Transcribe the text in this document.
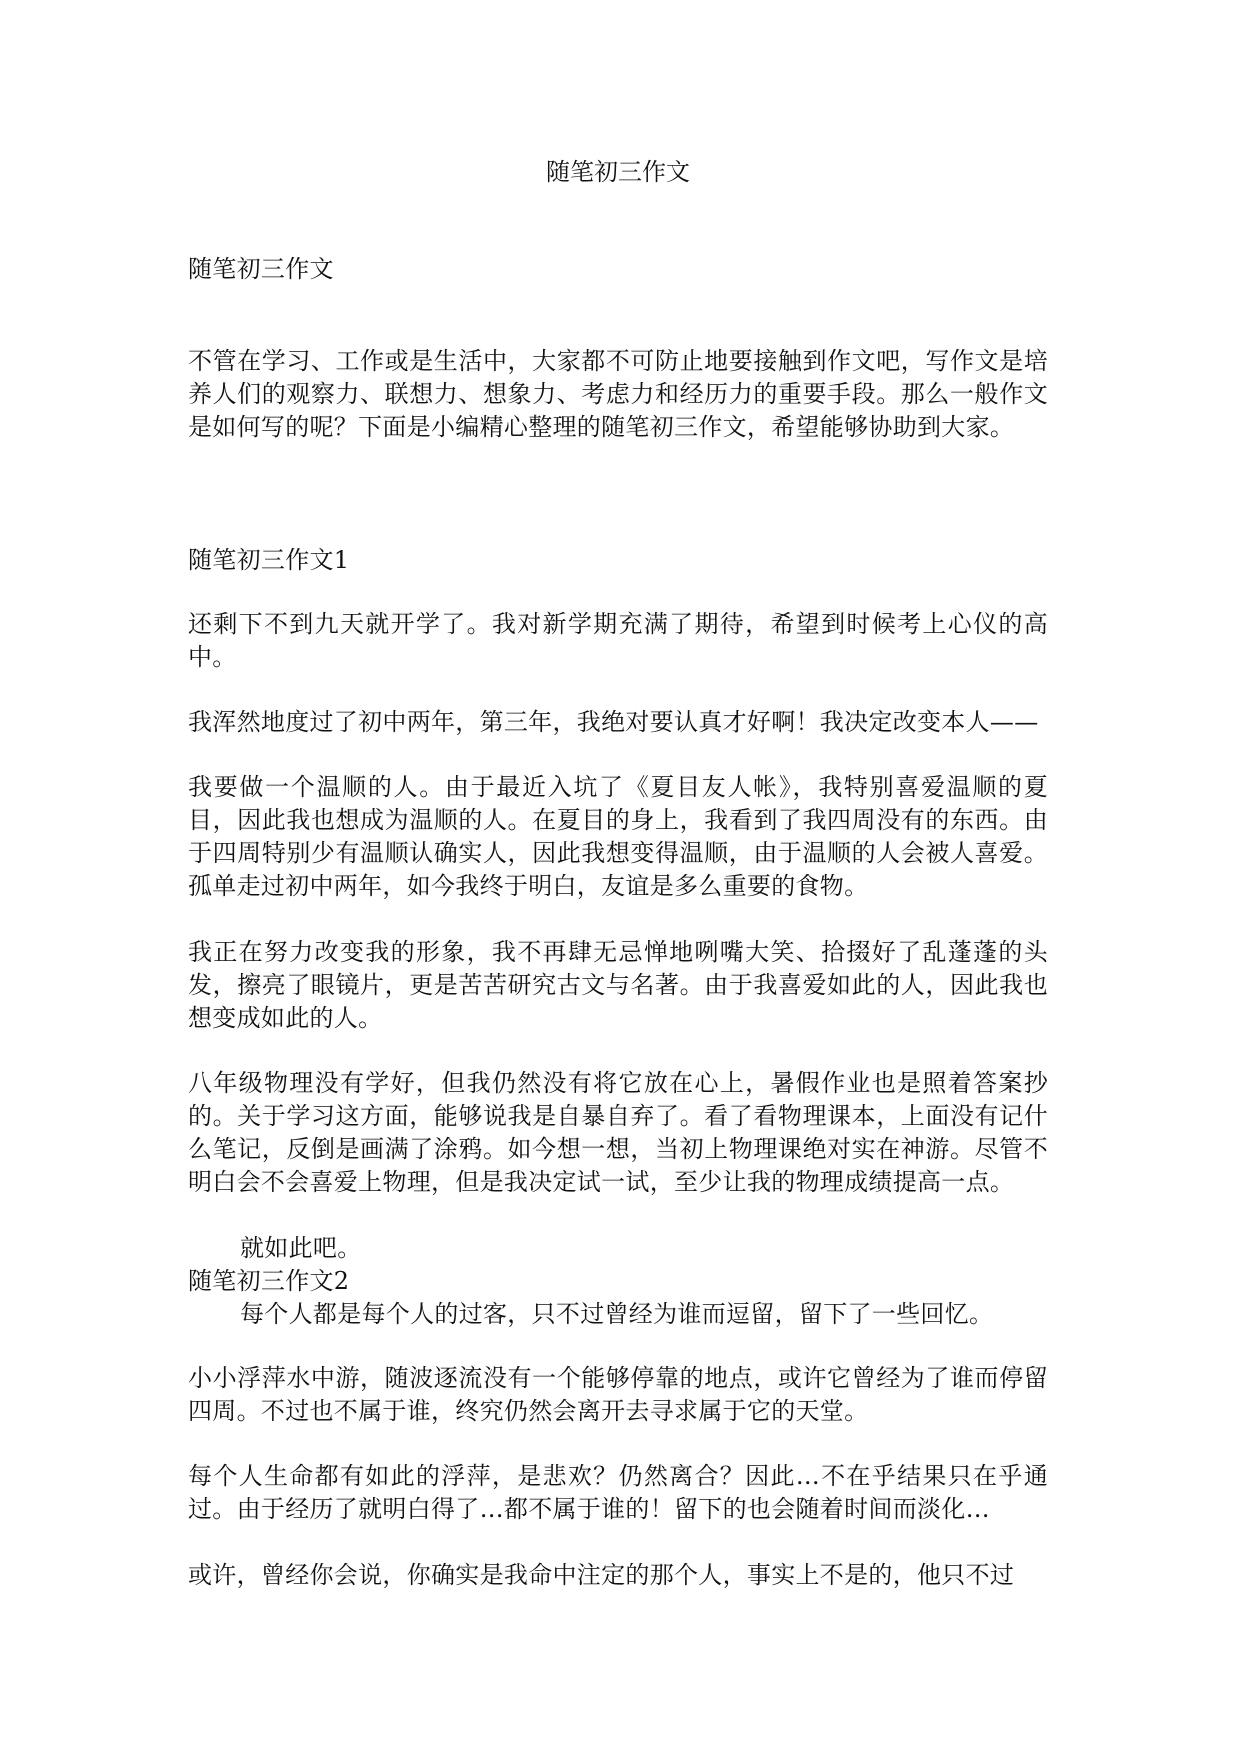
随笔初三作文
随笔初三作文
不管在学习、工作或是生活中，大家都不可防止地要接触到作文吧，写作文是培养人们的观察力、联想力、想象力、考虑力和经历力的重要手段。那么一般作文是如何写的呢？下面是小编精心整理的随笔初三作文，希望能够协助到大家。
随笔初三作文1
还剩下不到九天就开学了。我对新学期充满了期待，希望到时候考上心仪的高中。
我浑然地度过了初中两年，第三年，我绝对要认真才好啊！我决定改变本人——
我要做一个温顺的人。由于最近入坑了《夏目友人帐》，我特别喜爱温顺的夏目，因此我也想成为温顺的人。在夏目的身上，我看到了我四周没有的东西。由于四周特别少有温顺认确实人，因此我想变得温顺，由于温顺的人会被人喜爱。孤单走过初中两年，如今我终于明白，友谊是多么重要的食物。
我正在努力改变我的形象，我不再肆无忌惮地咧嘴大笑、拾掇好了乱蓬蓬的头发，擦亮了眼镜片，更是苦苦研究古文与名著。由于我喜爱如此的人，因此我也想变成如此的人。
八年级物理没有学好，但我仍然没有将它放在心上，暑假作业也是照着答案抄的。关于学习这方面，能够说我是自暴自弃了。看了看物理课本，上面没有记什么笔记，反倒是画满了涂鸦。如今想一想，当初上物理课绝对实在神游。尽管不明白会不会喜爱上物理，但是我决定试一试，至少让我的物理成绩提高一点。
就如此吧。
随笔初三作文2
每个人都是每个人的过客，只不过曾经为谁而逗留，留下了一些回忆。
小小浮萍水中游，随波逐流没有一个能够停靠的地点，或许它曾经为了谁而停留四周。不过也不属于谁，终究仍然会离开去寻求属于它的天堂。
每个人生命都有如此的浮萍，是悲欢？仍然离合？因此…不在乎结果只在乎通过。由于经历了就明白得了…都不属于谁的！留下的也会随着时间而淡化…
或许，曾经你会说，你确实是我命中注定的那个人，事实上不是的，他只不过
